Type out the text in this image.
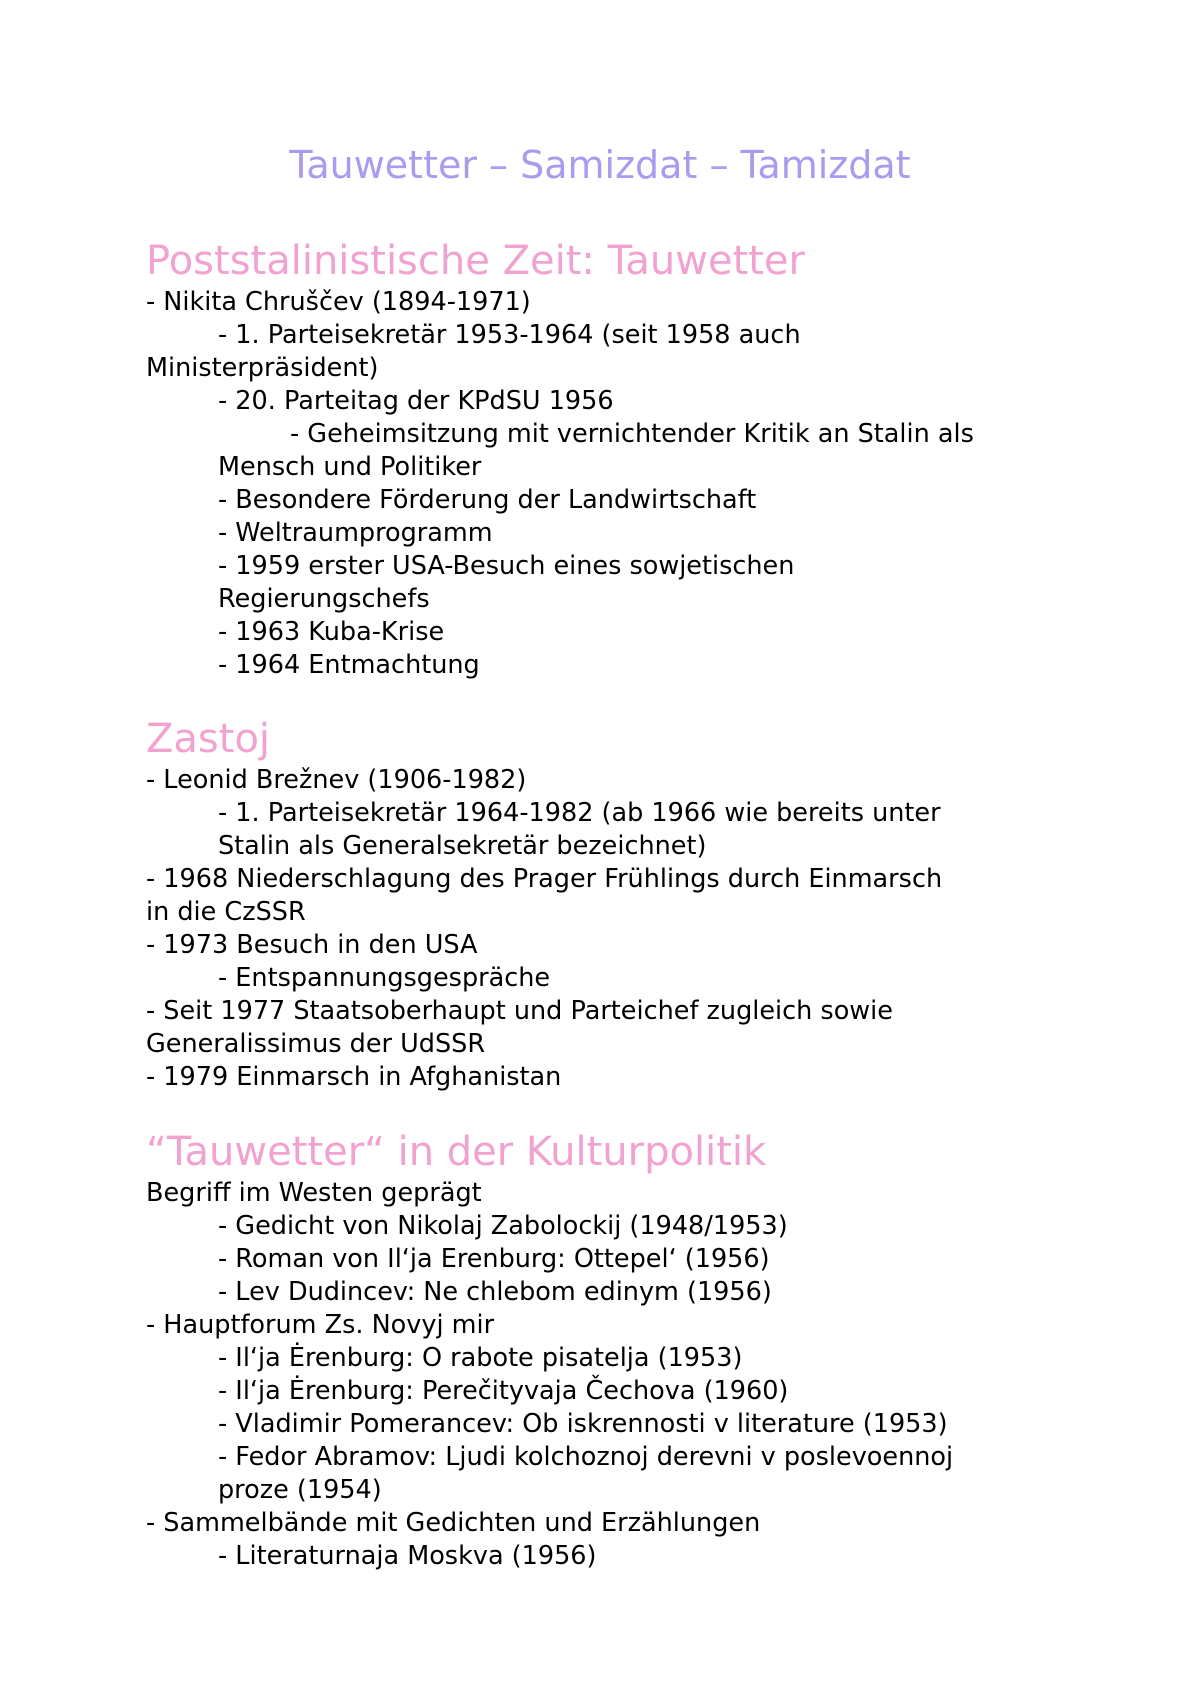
Tauwetter – Samizdat – Tamizdat
Poststalinistische Zeit: Tauwetter

- Nikita Chruščev (1894-1971)

- 1. Parteisekretär 1953-1964 (seit 1958 auch

Ministerpräsident)

- 20. Parteitag der KPdSU 1956

- Geheimsitzung mit vernichtender Kritik an Stalin als

Mensch und Politiker

- Besondere Förderung der Landwirtschaft

- Weltraumprogramm

- 1959 erster USA-Besuch eines sowjetischen

Regierungschefs

- 1963 Kuba-Krise

- 1964 Entmachtung

Zastoj

- Leonid Brežnev (1906-1982)

- 1. Parteisekretär 1964-1982 (ab 1966 wie bereits unter

Stalin als Generalsekretär bezeichnet)

- 1968 Niederschlagung des Prager Frühlings durch Einmarsch

in die CzSSR

- 1973 Besuch in den USA

- Entspannungsgespräche

- Seit 1977 Staatsoberhaupt und Parteichef zugleich sowie

Generalissimus der UdSSR

- 1979 Einmarsch in Afghanistan

“Tauwetter“ in der Kulturpolitik

Begriff im Westen geprägt

- Gedicht von Nikolaj Zabolockij (1948/1953)

- Roman von Il‘ja Erenburg: Ottepel‘ (1956)

- Lev Dudincev: Ne chlebom edinym (1956)

- Hauptforum Zs. Novyj mir

- Il‘ja Ėrenburg: O rabote pisatelja (1953)

- Il‘ja Ėrenburg: Perečityvaja Čechova (1960)

- Vladimir Pomerancev: Ob iskrennosti v literature (1953)

- Fedor Abramov: Ljudi kolchoznoj derevni v poslevoennoj

proze (1954)

- Sammelbände mit Gedichten und Erzählungen

- Literaturnaja Moskva (1956)
